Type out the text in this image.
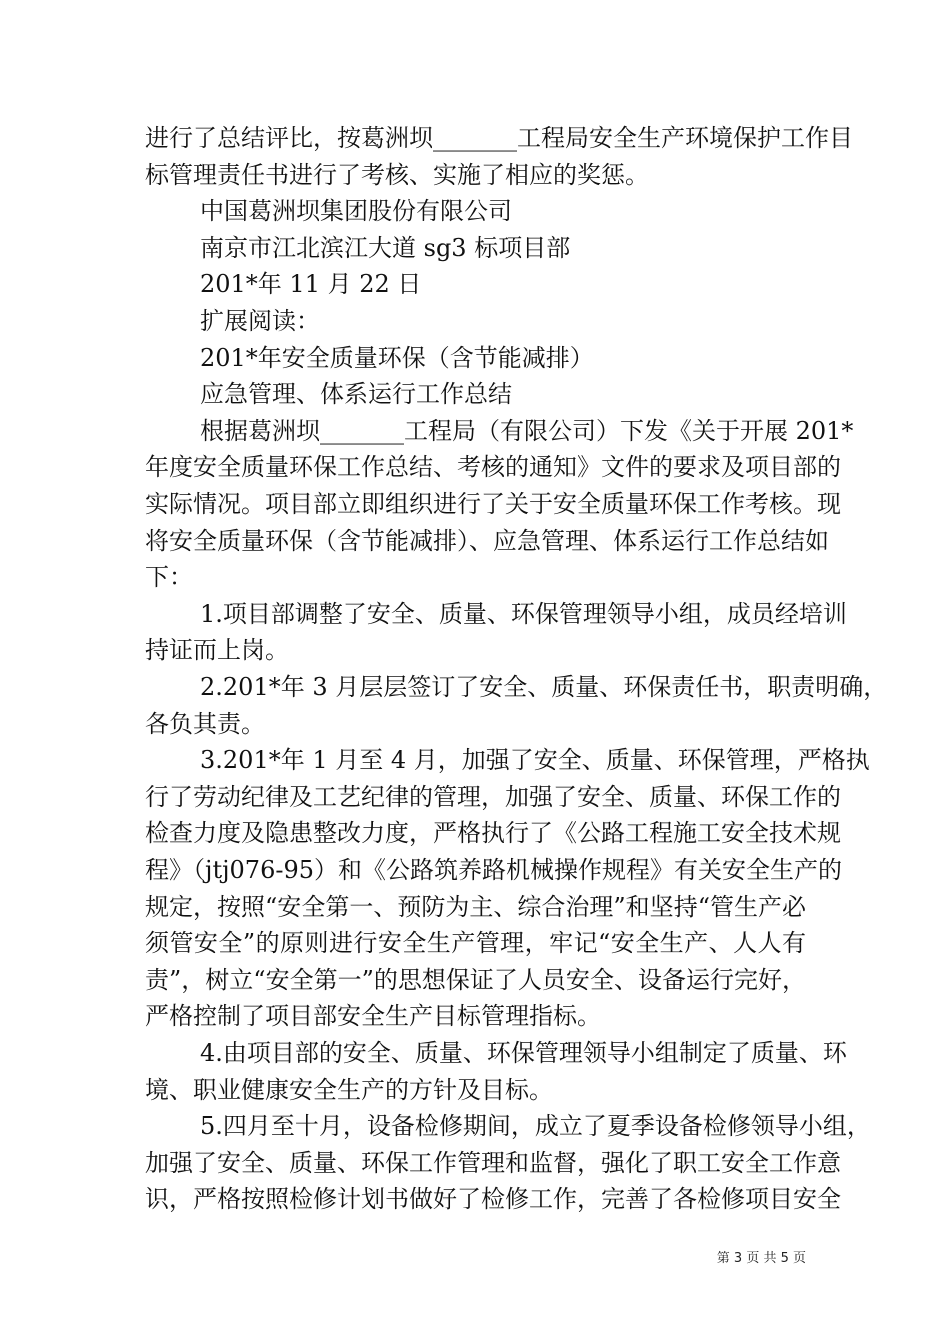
进行了总结评比，按葛洲坝_______工程局安全生产环境保护工作目
标管理责任书进行了考核、实施了相应的奖惩。
中国葛洲坝集团股份有限公司
南京市江北滨江大道 sg3 标项目部
201*年 11 月 22 日
扩展阅读：
201*年安全质量环保（含节能减排）
应急管理、体系运行工作总结
根据葛洲坝_______工程局（有限公司）下发《关于开展 201*
年度安全质量环保工作总结、考核的通知》文件的要求及项目部的
实际情况。项目部立即组织进行了关于安全质量环保工作考核。现
将安全质量环保（含节能减排）、应急管理、体系运行工作总结如
下：
1.项目部调整了安全、质量、环保管理领导小组，成员经培训
持证而上岗。
2.201*年 3 月层层签订了安全、质量、环保责任书，职责明确，
各负其责。
3.201*年 1 月至 4 月，加强了安全、质量、环保管理，严格执
行了劳动纪律及工艺纪律的管理，加强了安全、质量、环保工作的
检查力度及隐患整改力度，严格执行了《公路工程施工安全技术规
程》（jtj076-95）和《公路筑养路机械操作规程》有关安全生产的
规定，按照“安全第一、预防为主、综合治理”和坚持“管生产必
须管安全”的原则进行安全生产管理，牢记“安全生产、人人有
责”，树立“安全第一”的思想保证了人员安全、设备运行完好，
严格控制了项目部安全生产目标管理指标。
4.由项目部的安全、质量、环保管理领导小组制定了质量、环
境、职业健康安全生产的方针及目标。
5.四月至十月，设备检修期间，成立了夏季设备检修领导小组，
加强了安全、质量、环保工作管理和监督，强化了职工安全工作意
识，严格按照检修计划书做好了检修工作，完善了各检修项目安全
第 3 页 共 5 页
